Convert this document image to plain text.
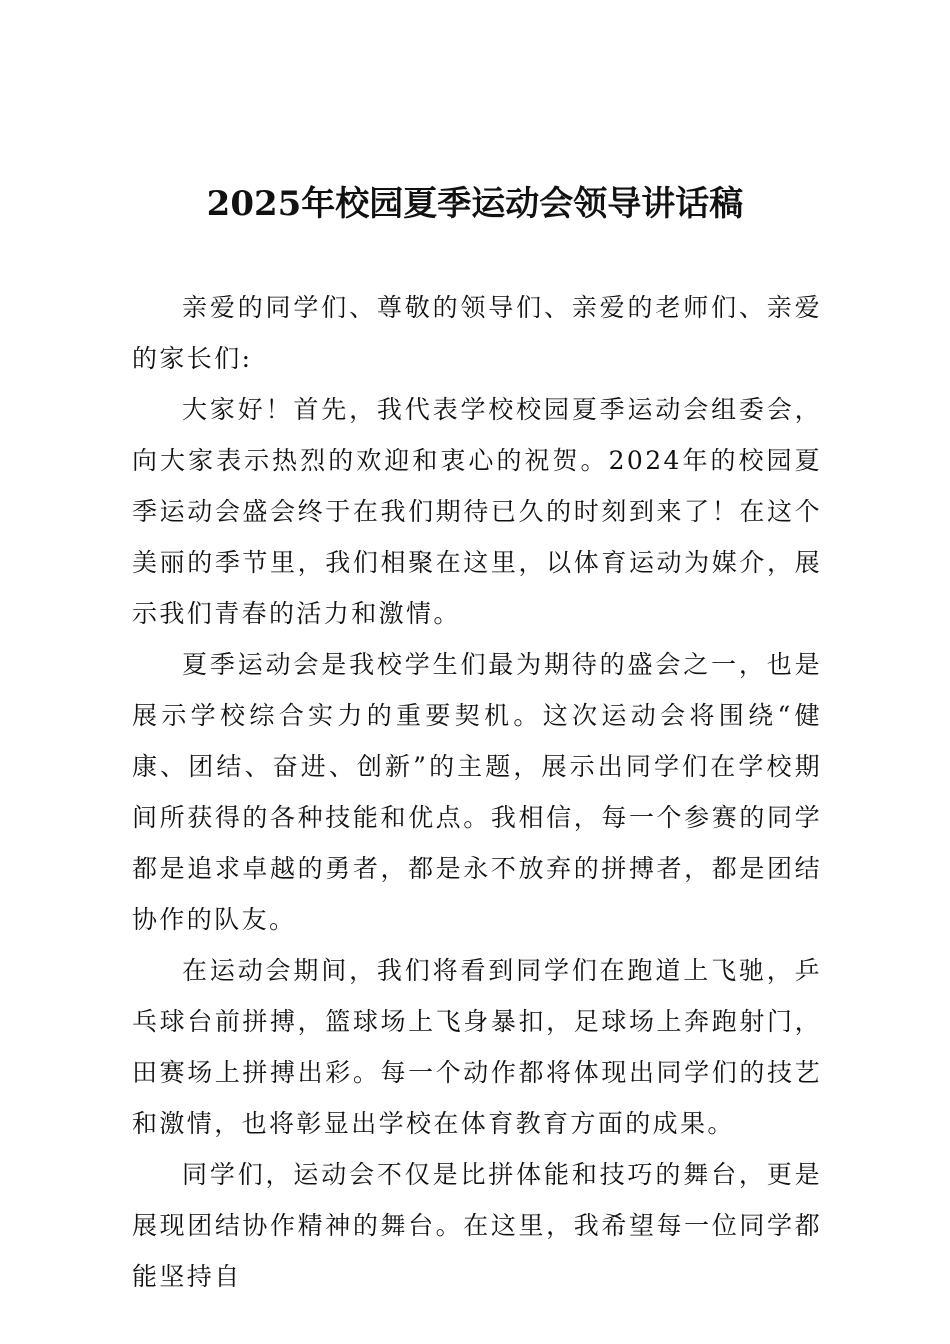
2025年校园夏季运动会领导讲话稿

亲爱的同学们、尊敬的领导们、亲爱的老师们、亲爱的家长们:

大家好！首先，我代表学校校园夏季运动会组委会，向大家表示热烈的欢迎和衷心的祝贺。2024年的校园夏季运动会盛会终于在我们期待已久的时刻到来了！在这个美丽的季节里，我们相聚在这里，以体育运动为媒介，展示我们青春的活力和激情。

夏季运动会是我校学生们最为期待的盛会之一，也是展示学校综合实力的重要契机。这次运动会将围绕“健康、团结、奋进、创新”的主题，展示出同学们在学校期间所获得的各种技能和优点。我相信，每一个参赛的同学都是追求卓越的勇者，都是永不放弃的拼搏者，都是团结协作的队友。

在运动会期间，我们将看到同学们在跑道上飞驰，乒乓球台前拼搏，篮球场上飞身暴扣，足球场上奔跑射门，田赛场上拼搏出彩。每一个动作都将体现出同学们的技艺和激情，也将彰显出学校在体育教育方面的成果。

同学们，运动会不仅是比拼体能和技巧的舞台，更是展现团结协作精神的舞台。在这里，我希望每一位同学都能坚持自
